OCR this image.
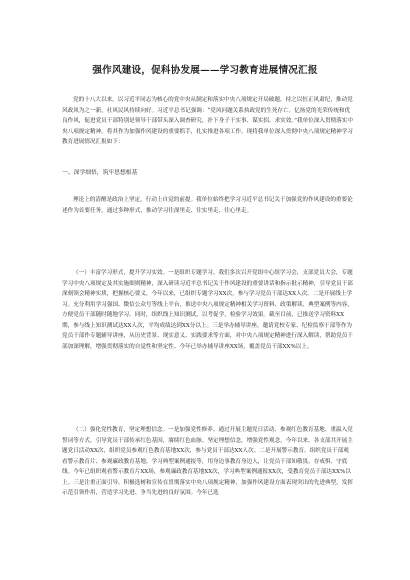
强作风建设，促科协发展——学习教育进展情况汇报
党的十八大以来，以习近平同志为核心的党中央从制定和落实中央八项规定开局破题，持之以恒正风肃纪，推动党风政风为之一新，社风民风持续向好。习近平总书记强调：“党风问题关系执政党的生死存亡。亿扬党的光荣传统和优良作风，促进党员干部特别是领导干部带头深入调查研究，扑下身子干实事、谋实招、求实效。”我单位深入贯彻落实中央八项规定精神，将其作为加强作风建设的重要抓手，扎实推进各项工作。现将我单位深入贯彻中央八项规定精神学习教育进展情况汇报如下：
一、深学细悟，筑牢思想根基
理论上的清醒是政治上坚定，行动上自觉的前提。我单位始终把学习习近平总书记关于加强党的作风建设的重要论述作为首要任务，通过多种形式，推动学习往深里走、往实里走、往心里走。
（一）丰富学习形式，提升学习实效。一是组织专题学习。我们多次召开党组中心组学习会，支部党员大会，专题学习中央八项规定及其实施细则精神，深入研读习近平总书记关于作风建设的重要讲话和指示批示精神，引导党员干部深刻领会精神实质，把握核心要义。今年以来，已组织专题学习XX次，参与学习党员干部达XX人次。二是开展线上学习。充分利用学习强国、微信公众号等线上平台，推送中央八项规定精神相关学习资料、政策解读、典型案例等内容，方便党员干部随时随地学习。同时，组织线上知识测试，以考促学，检验学习效果。截至目前，已推送学习资料XX期，参与线上知识测试达XX人次，平均成绩达到XX分以上。三是举办辅导讲座。邀请党校专家、纪检监察干部等作为党员干部作专题辅导讲座，从历史背景、现实意义、实践要求等方面，对中央八项规定精神进行深入解读，帮助党员干部加深理解，增强贯彻落实的自觉性和坚定性。今年已举办辅导讲座XX场，覆盖党员干部XX%以上。
（二）强化党性教育，坚定理想信念。一是加强党性修养。通过开展主题党日活动、参观红色教育基地、重温入党誓词等方式，引导党员干部传承红色基因，赓续红色血脉。坚定理想信念，增强党性观念。今年以来，各支部共开展主题党日活动XX次，组织党员参观红色教育基地XX次，参与党员干部达XX人次。二是开展警示教育。组织党员干部观看警示教育片、参观廉政教育基地、学习典型案例通报等，用身边事教育身边人，让党员干部知敬畏、存戒惧、守底线。今年已组织观看警示教育片XX场，参观廉政教育基地XX次，学习典型案例通报XX次，受教育党员干部达XX%以上。三是注重正面引导。积极选树和宣传在贯彻落实中央八项规定精神、加强作风建设方面表现突出的先进典型，发挥示范引领作用，营造学习先进、争当先进的良好氛围。今年已选
